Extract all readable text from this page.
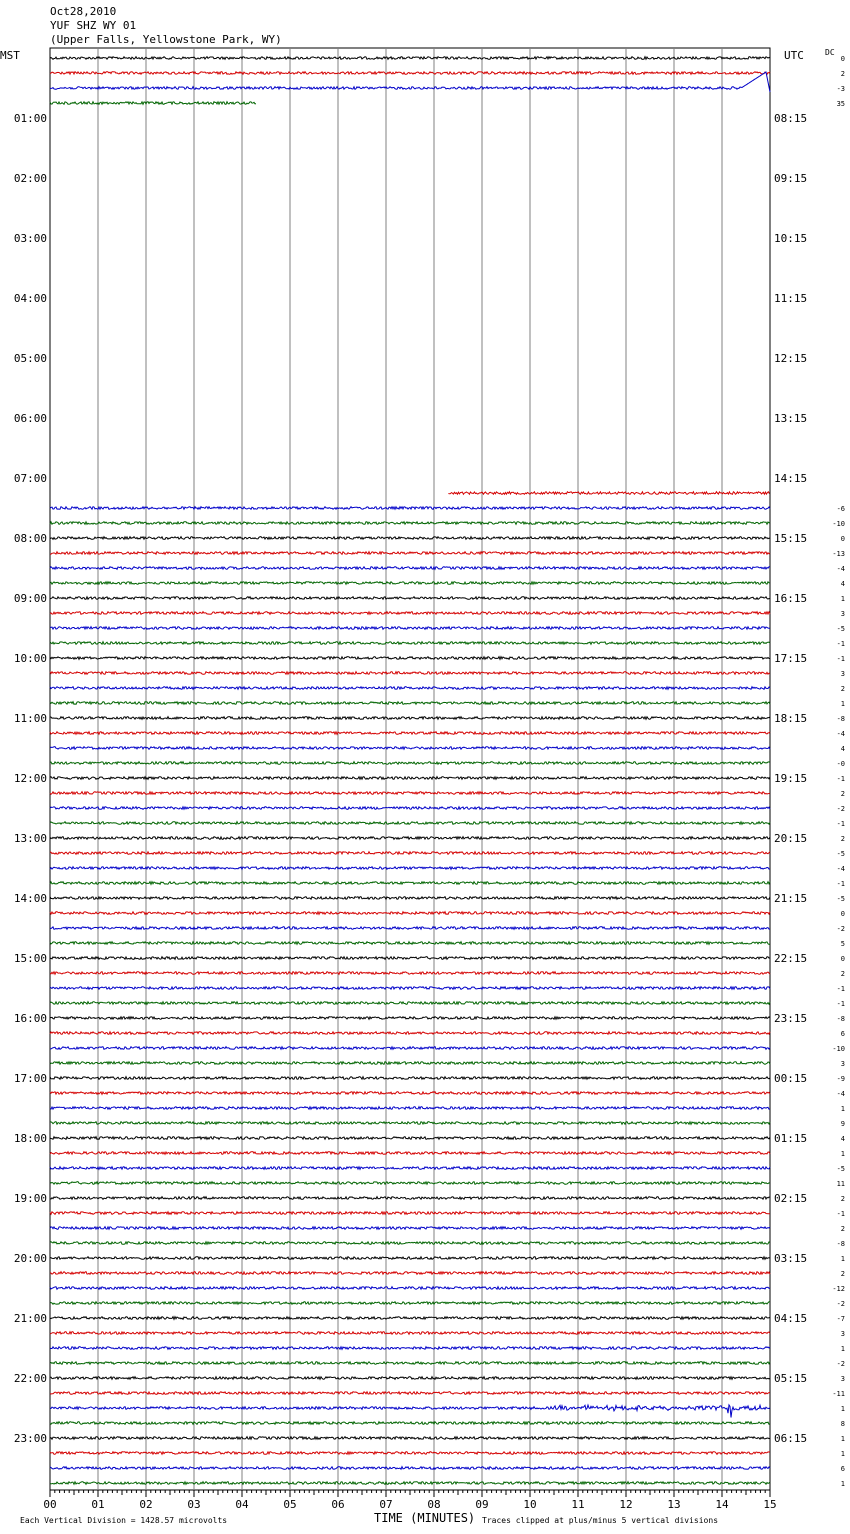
Oct28,2010
YUF SHZ WY 01
(Upper Falls, Yellowstone Park, WY)
MST	UTC	DC
00	01	02	03	04	05	06	07	08	09	10	11	12	13	14	15
01:00
02:00
03:00
04:00
05:00
06:00
07:00
08:00
09:00
10:00
11:00
12:00
13:00
14:00
15:00
16:00
17:00
18:00
19:00
20:00
21:00
22:00
23:00
08:15
09:15
10:15
11:15
12:15
13:15
14:15
15:15
16:15
17:15
18:15
19:15
20:15
21:15
22:15
23:15
00:15
01:15
02:15
03:15
04:15
05:15
06:15
0
2
-3
35
-6
-10
0
-13
-4
4
1
3
-5
-1
-1
3
2
1
-8
-4
4
-0
-1
2
-2
-1
2
-5
-4
-1
-5
0
-2
5
0
2
-1
-1
-8
6
-10
3
-9
-4
1
9
4
1
-5
11
2
-1
2
-8
1
2
-12
-2
-7
3
1
-2
3
-11
1
8
1
1
6
1
TIME (MINUTES)
Each Vertical Division = 1428.57 microvolts	Traces clipped at plus/minus 5 vertical divisions
